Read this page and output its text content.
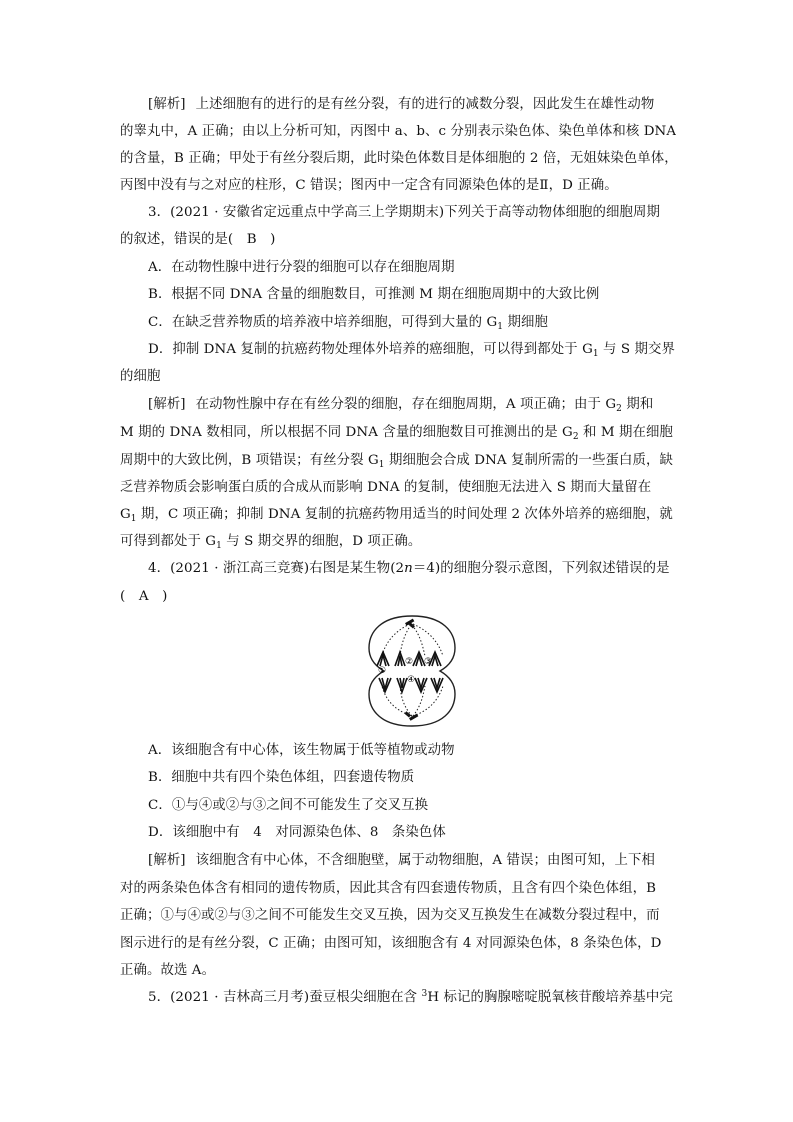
[解析] 上述细胞有的进行的是有丝分裂，有的进行的减数分裂，因此发生在雄性动物
的睾丸中，A 正确；由以上分析可知，丙图中 a、b、c 分别表示染色体、染色单体和核 DNA
的含量，B 正确；甲处于有丝分裂后期，此时染色体数目是体细胞的 2 倍，无姐妹染色单体，
丙图中没有与之对应的柱形，C 错误；图丙中一定含有同源染色体的是Ⅱ，D 正确。
3．(2021 · 安徽省定远重点中学高三上学期期末)下列关于高等动物体细胞的细胞周期
的叙述，错误的是(　B　)
A．在动物性腺中进行分裂的细胞可以存在细胞周期
B．根据不同 DNA 含量的细胞数目，可推测 M 期在细胞周期中的大致比例
C．在缺乏营养物质的培养液中培养细胞，可得到大量的 $G_1$ 期细胞
D．抑制 DNA 复制的抗癌药物处理体外培养的癌细胞，可以得到都处于 $G_1$ 与 S 期交界
的细胞
[解析] 在动物性腺中存在有丝分裂的细胞，存在细胞周期，A 项正确；由于 $G_2$ 期和
M 期的 DNA 数相同，所以根据不同 DNA 含量的细胞数目可推测出的是 $G_2$ 和 M 期在细胞
周期中的大致比例，B 项错误；有丝分裂 $G_1$ 期细胞会合成 DNA 复制所需的一些蛋白质，缺
乏营养物质会影响蛋白质的合成从而影响 DNA 的复制，使细胞无法进入 S 期而大量留在
$G_1$ 期，C 项正确；抑制 DNA 复制的抗癌药物用适当的时间处理 2 次体外培养的癌细胞，就
可得到都处于 $G_1$ 与 S 期交界的细胞，D 项正确。
4．(2021 · 浙江高三竞赛)右图是某生物(2n＝4)的细胞分裂示意图，下列叙述错误的是
(　A　)
①
② ③
④
A．该细胞含有中心体，该生物属于低等植物或动物
B．细胞中共有四个染色体组，四套遗传物质
C．①与④或②与③之间不可能发生了交叉互换
D．该细胞中有　4　对同源染色体、8　条染色体
[解析] 该细胞含有中心体，不含细胞壁，属于动物细胞，A 错误；由图可知，上下相
对的两条染色体含有相同的遗传物质，因此其含有四套遗传物质，且含有四个染色体组，B
正确；①与④或②与③之间不可能发生交叉互换，因为交叉互换发生在减数分裂过程中，而
图示进行的是有丝分裂，C 正确；由图可知，该细胞含有 4 对同源染色体，8 条染色体，D
正确。故选 A。
5．(2021 · 吉林高三月考)蚕豆根尖细胞在含 $^3$H 标记的胸腺嘧啶脱氧核苷酸培养基中完
